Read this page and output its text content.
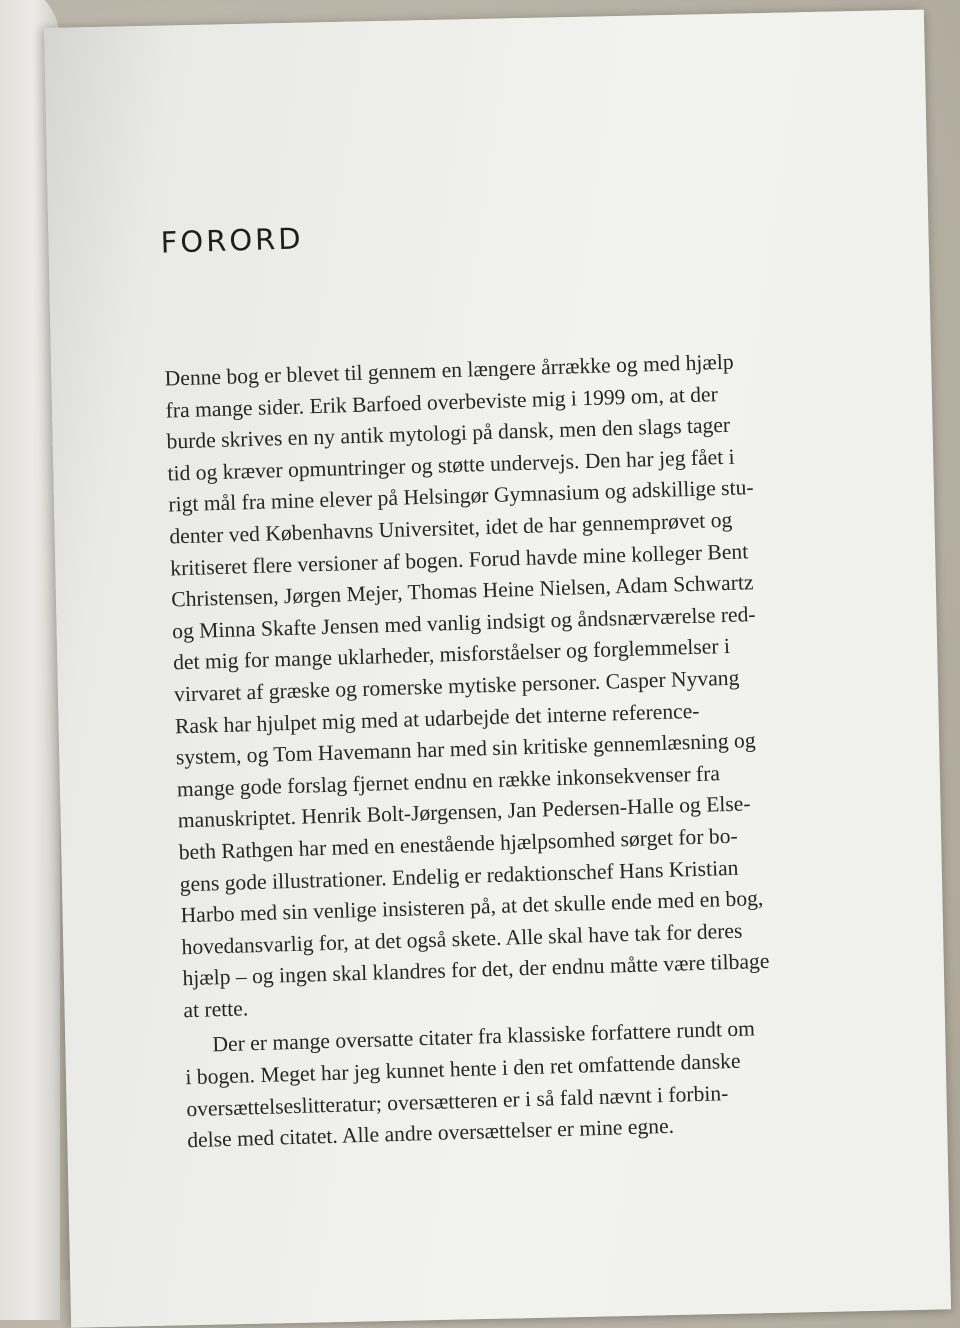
FORORD

Denne bog er blevet til gennem en længere årrække og med hjælp
fra mange sider. Erik Barfoed overbeviste mig i 1999 om, at der
burde skrives en ny antik mytologi på dansk, men den slags tager
tid og kræver opmuntringer og støtte undervejs. Den har jeg fået i
rigt mål fra mine elever på Helsingør Gymnasium og adskillige stu-
denter ved Københavns Universitet, idet de har gennemprøvet og
kritiseret flere versioner af bogen. Forud havde mine kolleger Bent
Christensen, Jørgen Mejer, Thomas Heine Nielsen, Adam Schwartz
og Minna Skafte Jensen med vanlig indsigt og åndsnærværelse red-
det mig for mange uklarheder, misforståelser og forglemmelser i
virvaret af græske og romerske mytiske personer. Casper Nyvang
Rask har hjulpet mig med at udarbejde det interne reference-
system, og Tom Havemann har med sin kritiske gennemlæsning og
mange gode forslag fjernet endnu en række inkonsekvenser fra
manuskriptet. Henrik Bolt-Jørgensen, Jan Pedersen-Halle og Else-
beth Rathgen har med en enestående hjælpsomhed sørget for bo-
gens gode illustrationer. Endelig er redaktionschef Hans Kristian
Harbo med sin venlige insisteren på, at det skulle ende med en bog,
hovedansvarlig for, at det også skete. Alle skal have tak for deres
hjælp – og ingen skal klandres for det, der endnu måtte være tilbage
at rette.

Der er mange oversatte citater fra klassiske forfattere rundt om
i bogen. Meget har jeg kunnet hente i den ret omfattende danske
oversættelseslitteratur; oversætteren er i så fald nævnt i forbin-
delse med citatet. Alle andre oversættelser er mine egne.
